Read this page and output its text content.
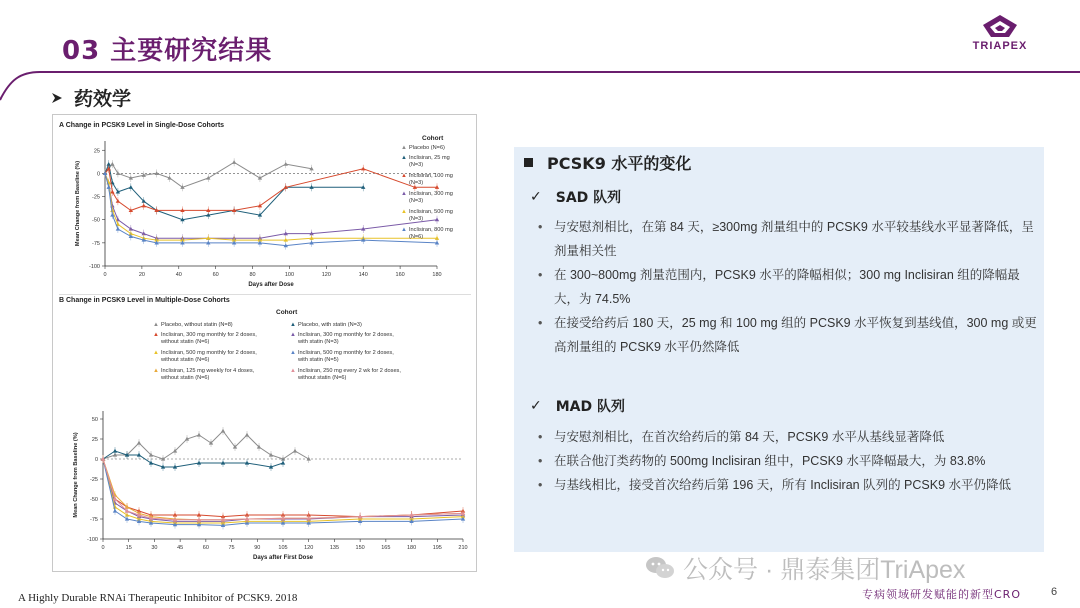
03 主要研究结果	TRIAPEX
药效学
A Change in PCSK9 Level in Single-Dose Cohorts
-100
-75
-50
-25
0
25
0	20	40	60	80	100	120	140	160	180
Days after Dose
Mean Change from Baseline (%)
Cohort
▲ Placebo (N=6)
▲ Inclisiran, 25 mg
(N=3)
▲ Inclisiran, 100 mg
(N=3)
▲ Inclisiran, 300 mg
(N=3)
▲ Inclisiran, 500 mg
(N=3)
▲ Inclisiran, 800 mg
(N=6)
B Change in PCSK9 Level in Multiple-Dose Cohorts
Cohort
▲ Placebo, without statin (N=8)	▲ Placebo, with statin (N=3)
▲ Inclisiran, 300 mg monthly for 2 doses,
without statin (N=6)
▲ Inclisiran, 300 mg monthly for 2 doses,
with statin (N=3)
▲ Inclisiran, 500 mg monthly for 2 doses,
without statin (N=6)
▲ Inclisiran, 500 mg monthly for 2 doses,
with statin (N=5)
▲ Inclisiran, 125 mg weekly for 4 doses,
without statin (N=6)
▲ Inclisiran, 250 mg every 2 wk for 2 doses,
without statin (N=6)
-100
-75
-50
-25
0
25
50
0	15	30	45	60	75	90	105	120	135	150	165	180	195	210
Days after First Dose
Mean Change from Baseline (%)
PCSK9 水平的变化
✓ SAD 队列
• 与安慰剂相比，在第 84 天，≥300mg 剂量组中的 PCSK9 水平较基线水平显著降低，呈剂量相关性
• 在 300~800mg 剂量范围内，PCSK9 水平的降幅相似；300 mg Inclisiran 组的降幅最大，为 74.5%
• 在接受给药后 180 天，25 mg 和 100 mg 组的 PCSK9 水平恢复到基线值，300 mg 或更高剂量组的 PCSK9 水平仍然降低
✓ MAD 队列
• 与安慰剂相比，在首次给药后的第 84 天，PCSK9 水平从基线显著降低
• 在联合他汀类药物的 500mg Inclisiran 组中，PCSK9 水平降幅最大，为 83.8%
• 与基线相比，接受首次给药后第 196 天，所有 Inclisiran 队列的 PCSK9 水平仍降低
A Highly Durable RNAi Therapeutic Inhibitor of PCSK9. 2018
公众号 · 鼎泰集团TriApex
专病领域研发赋能的新型CRO	6
